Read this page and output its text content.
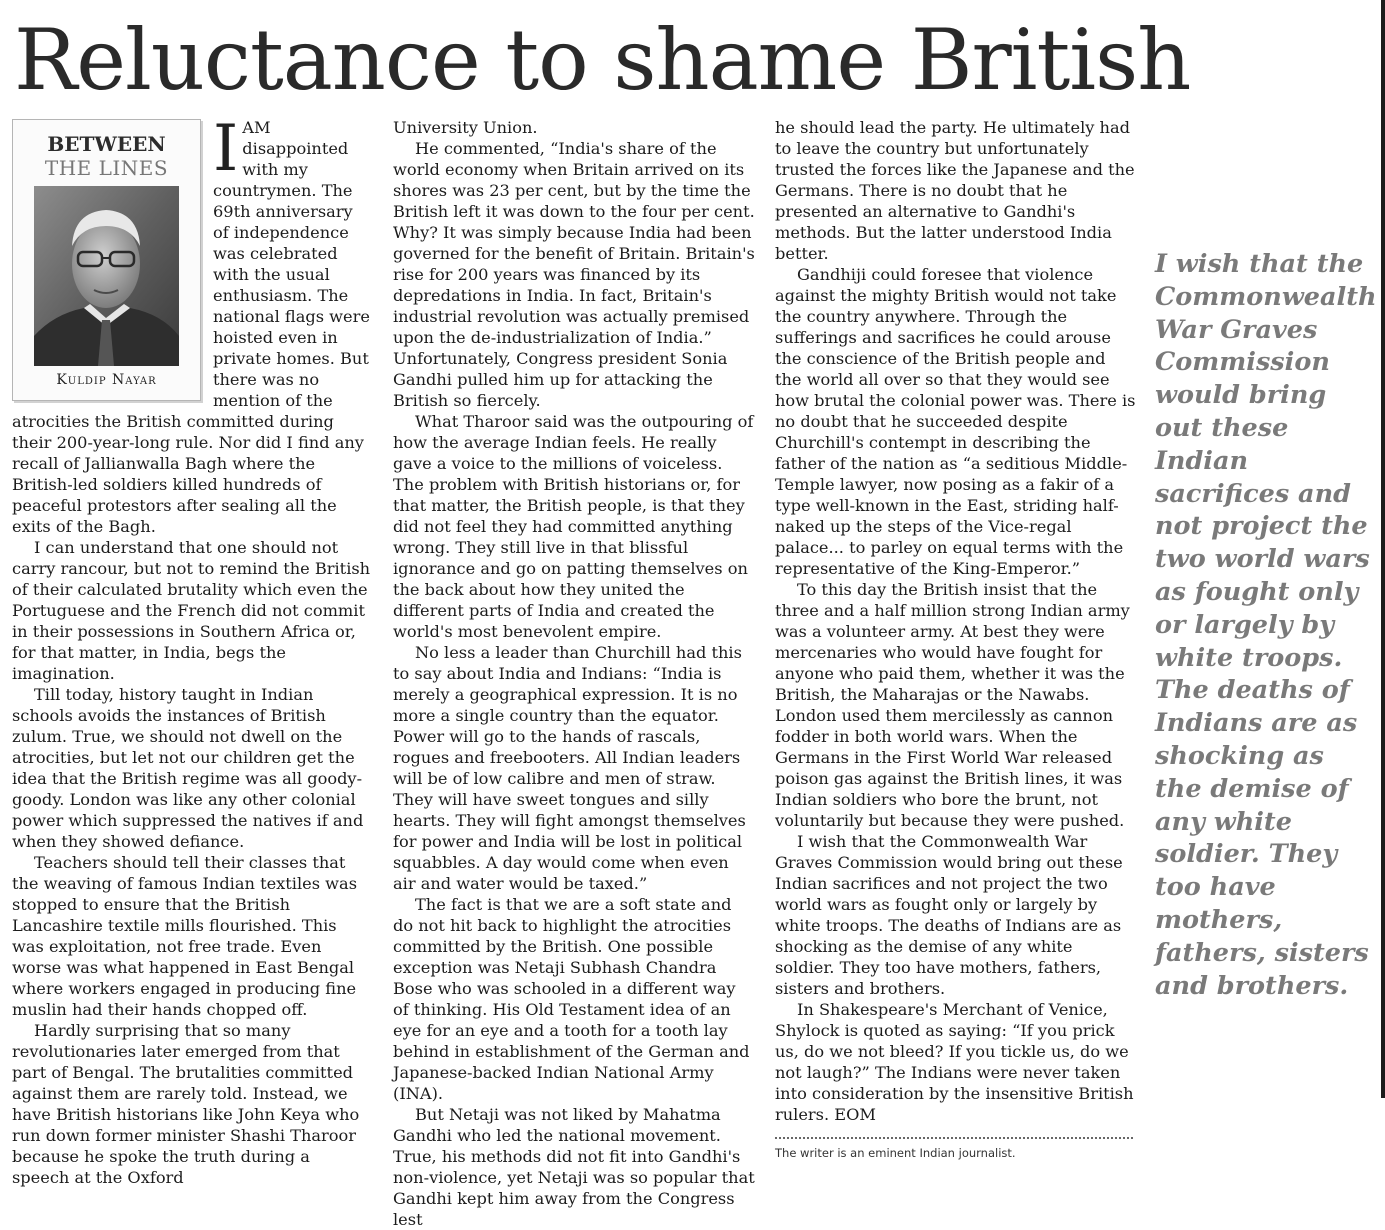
Reluctance to shame British
BETWEEN
THE LINES
Kuldip Nayar
I AM disappointed with my countrymen. The 69th anniversary of independence was celebrated with the usual enthusiasm. The national flags were hoisted even in private homes. But there was no mention of the atrocities the British committed during their 200-year-long rule. Nor did I find any recall of Jallianwalla Bagh where the British-led soldiers killed hundreds of peaceful protestors after sealing all the exits of the Bagh.

I can understand that one should not carry rancour, but not to remind the British of their calculated brutality which even the Portuguese and the French did not commit in their possessions in Southern Africa or, for that matter, in India, begs the imagination.

Till today, history taught in Indian schools avoids the instances of British zulum. True, we should not dwell on the atrocities, but let not our children get the idea that the British regime was all goody-goody. London was like any other colonial power which suppressed the natives if and when they showed defiance.

Teachers should tell their classes that the weaving of famous Indian textiles was stopped to ensure that the British Lancashire textile mills flourished. This was exploitation, not free trade. Even worse was what happened in East Bengal where workers engaged in producing fine muslin had their hands chopped off.

Hardly surprising that so many revolutionaries later emerged from that part of Bengal. The brutalities committed against them are rarely told. Instead, we have British historians like John Keya who run down former minister Shashi Tharoor because he spoke the truth during a speech at the Oxford

University Union.

He commented, “India's share of the world economy when Britain arrived on its shores was 23 per cent, but by the time the British left it was down to the four per cent. Why? It was simply because India had been governed for the benefit of Britain. Britain's rise for 200 years was financed by its depredations in India. In fact, Britain's industrial revolution was actually premised upon the de-industrialization of India.” Unfortunately, Congress president Sonia Gandhi pulled him up for attacking the British so fiercely.

What Tharoor said was the outpouring of how the average Indian feels. He really gave a voice to the millions of voiceless. The problem with British historians or, for that matter, the British people, is that they did not feel they had committed anything wrong. They still live in that blissful ignorance and go on patting themselves on the back about how they united the different parts of India and created the world's most benevolent empire.

No less a leader than Churchill had this to say about India and Indians: “India is merely a geographical expression. It is no more a single country than the equator. Power will go to the hands of rascals, rogues and freebooters. All Indian leaders will be of low calibre and men of straw. They will have sweet tongues and silly hearts. They will fight amongst themselves for power and India will be lost in political squabbles. A day would come when even air and water would be taxed.”

The fact is that we are a soft state and do not hit back to highlight the atrocities committed by the British. One possible exception was Netaji Subhash Chandra Bose who was schooled in a different way of thinking. His Old Testament idea of an eye for an eye and a tooth for a tooth lay behind in establishment of the German and Japanese-backed Indian National Army (INA).

But Netaji was not liked by Mahatma Gandhi who led the national movement. True, his methods did not fit into Gandhi's non-violence, yet Netaji was so popular that Gandhi kept him away from the Congress lest

he should lead the party. He ultimately had to leave the country but unfortunately trusted the forces like the Japanese and the Germans. There is no doubt that he presented an alternative to Gandhi's methods. But the latter understood India better.

Gandhiji could foresee that violence against the mighty British would not take the country anywhere. Through the sufferings and sacrifices he could arouse the conscience of the British people and the world all over so that they would see how brutal the colonial power was. There is no doubt that he succeeded despite Churchill's contempt in describing the father of the nation as “a seditious Middle-Temple lawyer, now posing as a fakir of a type well-known in the East, striding half-naked up the steps of the Vice-regal palace... to parley on equal terms with the representative of the King-Emperor.”

To this day the British insist that the three and a half million strong Indian army was a volunteer army. At best they were mercenaries who would have fought for anyone who paid them, whether it was the British, the Maharajas or the Nawabs. London used them mercilessly as cannon fodder in both world wars. When the Germans in the First World War released poison gas against the British lines, it was Indian soldiers who bore the brunt, not voluntarily but because they were pushed.

I wish that the Commonwealth War Graves Commission would bring out these Indian sacrifices and not project the two world wars as fought only or largely by white troops. The deaths of Indians are as shocking as the demise of any white soldier. They too have mothers, fathers, sisters and brothers.

In Shakespeare's Merchant of Venice, Shylock is quoted as saying: “If you prick us, do we not bleed? If you tickle us, do we not laugh?” The Indians were never taken into consideration by the insensitive British rulers. EOM

The writer is an eminent Indian journalist.
I wish that the Commonwealth War Graves Commission would bring out these Indian sacrifices and not project the two world wars as fought only or largely by white troops. The deaths of Indians are as shocking as the demise of any white soldier. They too have mothers, fathers, sisters and brothers.
